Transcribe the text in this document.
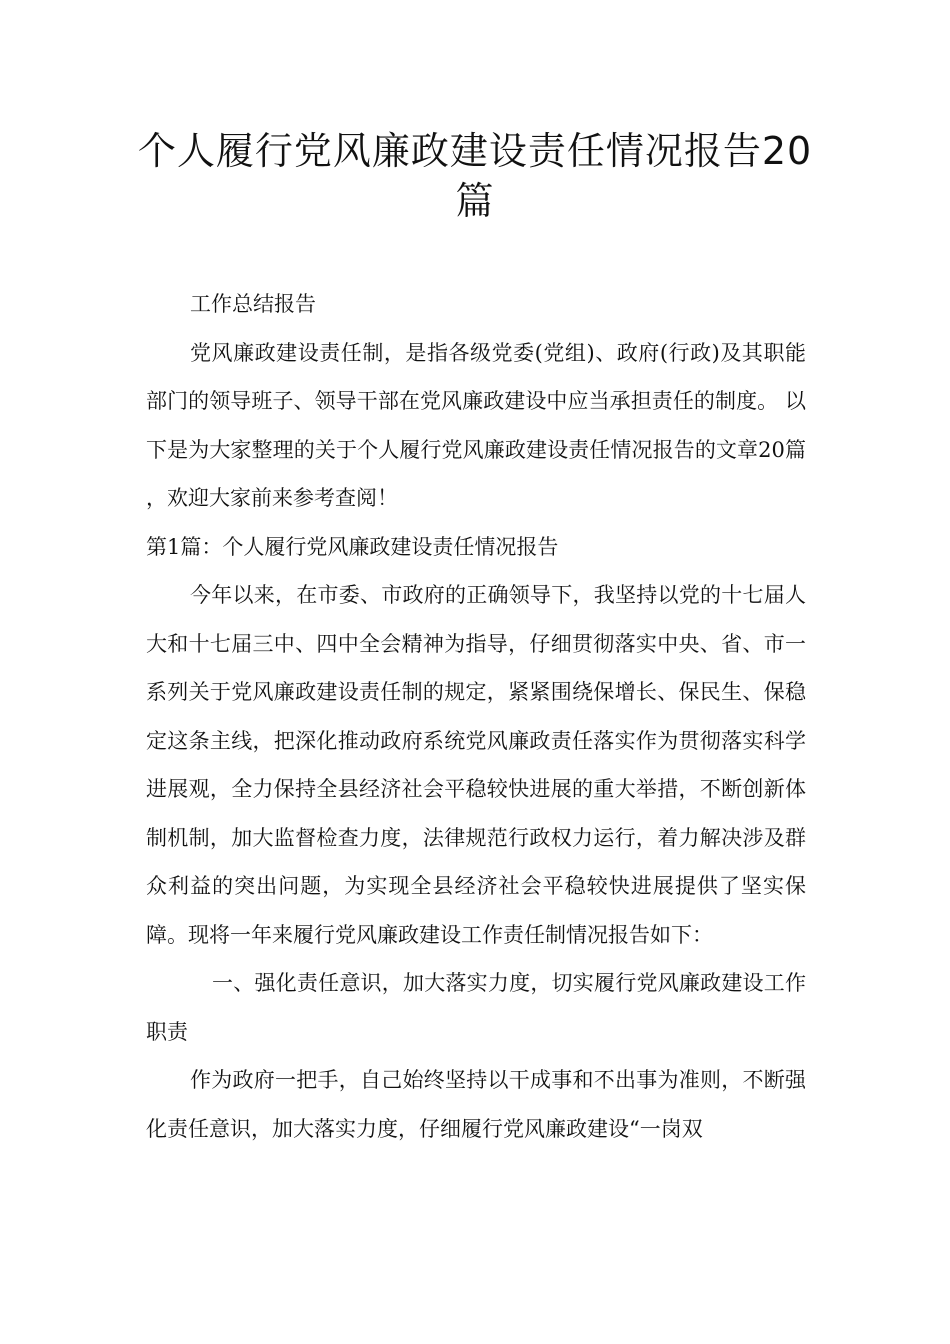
个人履行党风廉政建设责任情况报告20篇

工作总结报告

党风廉政建设责任制，是指各级党委(党组)、政府(行政)及其职能部门的领导班子、领导干部在党风廉政建设中应当承担责任的制度。 以下是为大家整理的关于个人履行党风廉政建设责任情况报告的文章20篇 ，欢迎大家前来参考查阅！

第1篇：个人履行党风廉政建设责任情况报告

今年以来，在市委、市政府的正确领导下，我坚持以党的十七届人大和十七届三中、四中全会精神为指导，仔细贯彻落实中央、省、市一系列关于党风廉政建设责任制的规定，紧紧围绕保增长、保民生、保稳定这条主线，把深化推动政府系统党风廉政责任落实作为贯彻落实科学进展观，全力保持全县经济社会平稳较快进展的重大举措，不断创新体制机制，加大监督检查力度，法律规范行政权力运行，着力解决涉及群众利益的突出问题，为实现全县经济社会平稳较快进展提供了坚实保障。现将一年来履行党风廉政建设工作责任制情况报告如下：

一、强化责任意识，加大落实力度，切实履行党风廉政建设工作职责

作为政府一把手，自己始终坚持以干成事和不出事为准则，不断强化责任意识，加大落实力度，仔细履行党风廉政建设“一岗双
